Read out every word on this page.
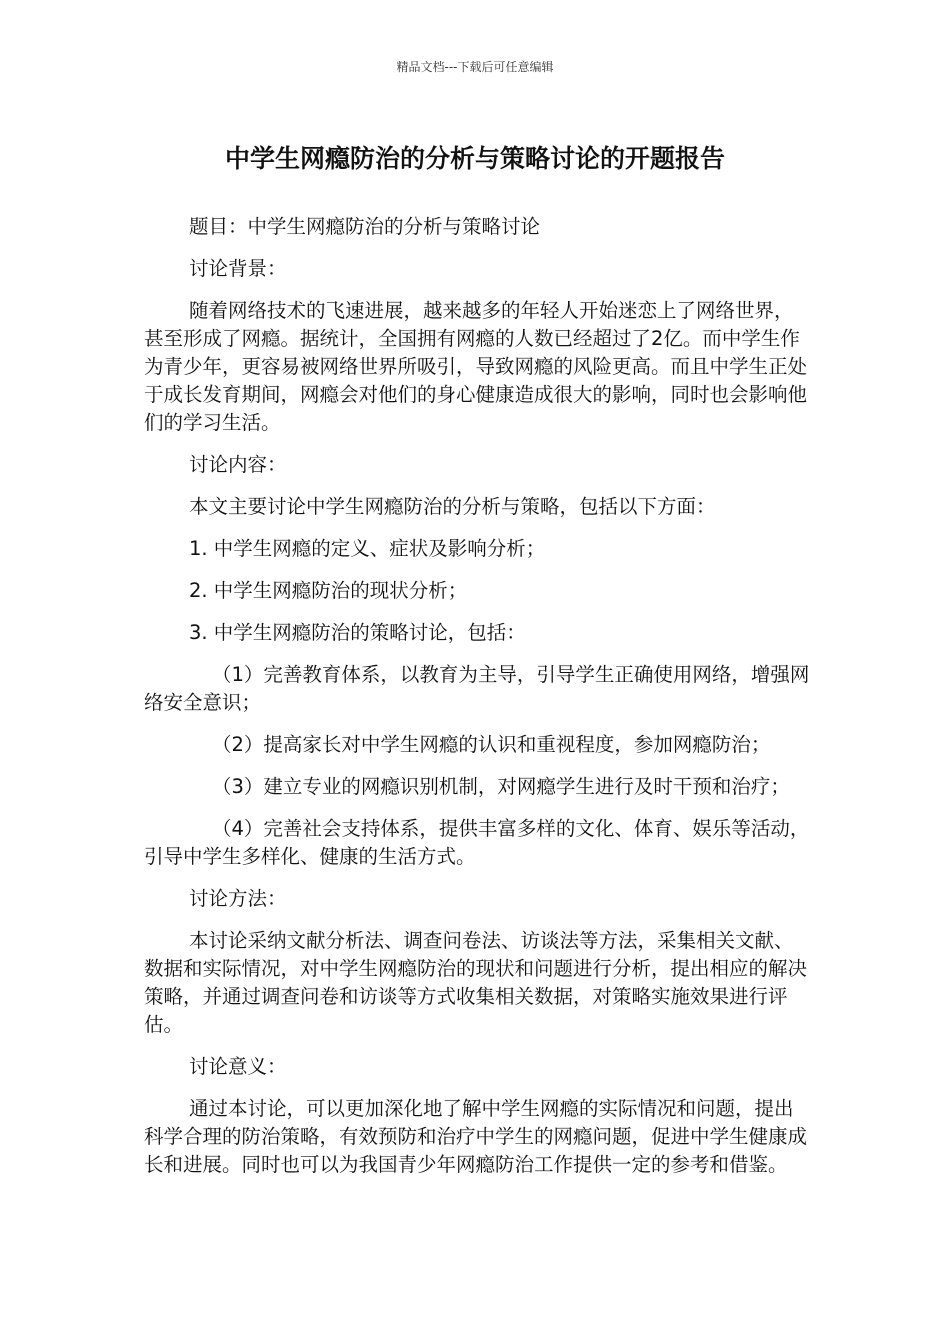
精品文档---下载后可任意编辑
中学生网瘾防治的分析与策略讨论的开题报告

题目：中学生网瘾防治的分析与策略讨论

讨论背景：

随着网络技术的飞速进展，越来越多的年轻人开始迷恋上了网络世界，甚至形成了网瘾。据统计，全国拥有网瘾的人数已经超过了2亿。而中学生作为青少年，更容易被网络世界所吸引，导致网瘾的风险更高。而且中学生正处于成长发育期间，网瘾会对他们的身心健康造成很大的影响，同时也会影响他们的学习生活。

讨论内容：

本文主要讨论中学生网瘾防治的分析与策略，包括以下方面：

1. 中学生网瘾的定义、症状及影响分析；

2. 中学生网瘾防治的现状分析；

3. 中学生网瘾防治的策略讨论，包括：

（1）完善教育体系，以教育为主导，引导学生正确使用网络，增强网络安全意识；

（2）提高家长对中学生网瘾的认识和重视程度，参加网瘾防治；

（3）建立专业的网瘾识别机制，对网瘾学生进行及时干预和治疗；

（4）完善社会支持体系，提供丰富多样的文化、体育、娱乐等活动，引导中学生多样化、健康的生活方式。

讨论方法：

本讨论采纳文献分析法、调查问卷法、访谈法等方法，采集相关文献、数据和实际情况，对中学生网瘾防治的现状和问题进行分析，提出相应的解决策略，并通过调查问卷和访谈等方式收集相关数据，对策略实施效果进行评估。

讨论意义：

通过本讨论，可以更加深化地了解中学生网瘾的实际情况和问题，提出科学合理的防治策略，有效预防和治疗中学生的网瘾问题，促进中学生健康成长和进展。同时也可以为我国青少年网瘾防治工作提供一定的参考和借鉴。
